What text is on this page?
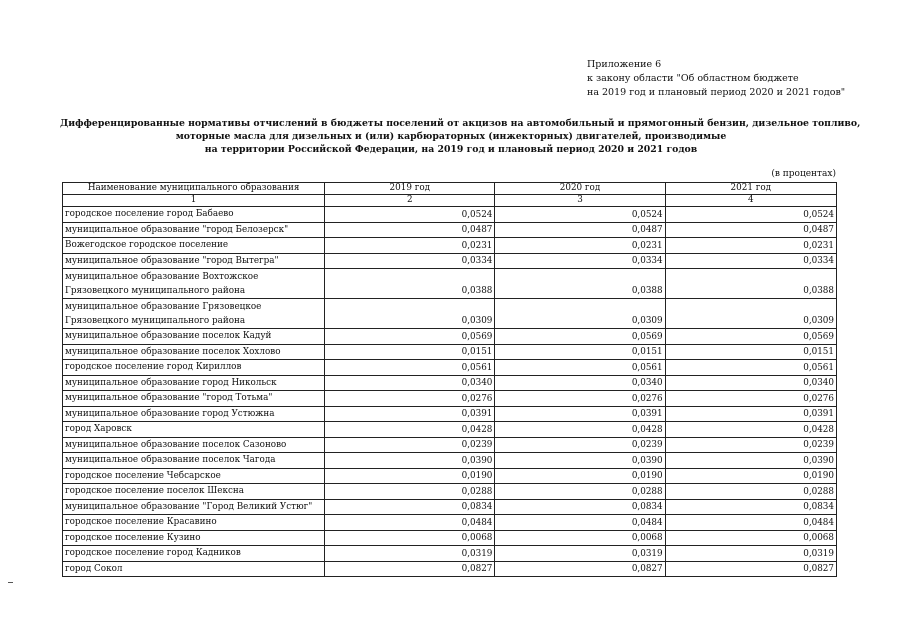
Приложение 6
к закону области "Об областном бюджете
на 2019 год и плановый период 2020 и 2021 годов"
Дифференцированные нормативы отчислений в бюджеты поселений от акцизов на автомобильный и прямогонный бензин, дизельное топливо,
моторные масла для дизельных и (или) карбюраторных (инжекторных) двигателей, производимые
на территории Российской Федерации, на 2019 год и плановый период 2020 и 2021 годов
(в процентах)
Наименование муниципального образования	2019 год	2020 год	2021 год
1	2	3	4
городское поселение город Бабаево	0,0524	0,0524	0,0524
муниципальное образование "город Белозерск"	0,0487	0,0487	0,0487
Вожегодское городское поселение	0,0231	0,0231	0,0231
муниципальное образование "город Вытегра"	0,0334	0,0334	0,0334
муниципальное образование Вохтожское Грязовецкого муниципального района	0,0388	0,0388	0,0388
муниципальное образование Грязовецкое Грязовецкого муниципального района	0,0309	0,0309	0,0309
муниципальное образование поселок Кадуй	0,0569	0,0569	0,0569
муниципальное образование поселок Хохлово	0,0151	0,0151	0,0151
городское поселение город Кириллов	0,0561	0,0561	0,0561
муниципальное образование город Никольск	0,0340	0,0340	0,0340
муниципальное образование "город Тотьма"	0,0276	0,0276	0,0276
муниципальное образование город Устюжна	0,0391	0,0391	0,0391
город Харовск	0,0428	0,0428	0,0428
муниципальное образование поселок Сазоново	0,0239	0,0239	0,0239
муниципальное образование поселок Чагода	0,0390	0,0390	0,0390
городское поселение Чебсарское	0,0190	0,0190	0,0190
городское поселение поселок Шексна	0,0288	0,0288	0,0288
муниципальное образование "Город Великий Устюг"	0,0834	0,0834	0,0834
городское поселение Красавино	0,0484	0,0484	0,0484
городское поселение Кузино	0,0068	0,0068	0,0068
городское поселение город Кадников	0,0319	0,0319	0,0319
город Сокол	0,0827	0,0827	0,0827
